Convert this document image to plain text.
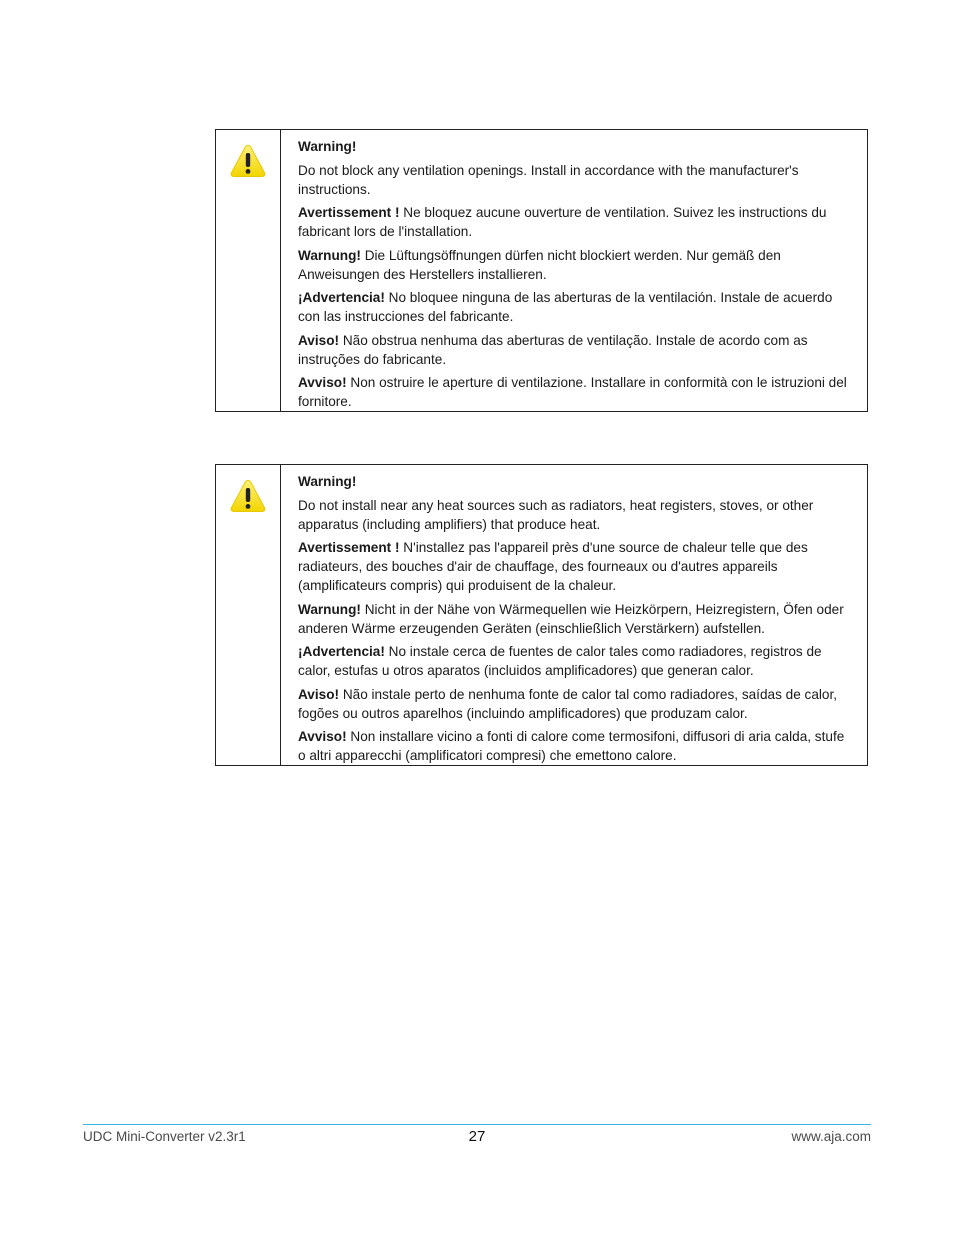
Warning!

Do not block any ventilation openings. Install in accordance with the manufacturer's instructions.

Avertissement ! Ne bloquez aucune ouverture de ventilation. Suivez les instructions du fabricant lors de l'installation.

Warnung! Die Lüftungsöffnungen dürfen nicht blockiert werden. Nur gemäß den Anweisungen des Herstellers installieren.

¡Advertencia! No bloquee ninguna de las aberturas de la ventilación. Instale de acuerdo con las instrucciones del fabricante.

Aviso! Não obstrua nenhuma das aberturas de ventilação. Instale de acordo com as instruções do fabricante.

Avviso! Non ostruire le aperture di ventilazione. Installare in conformità con le istruzioni del fornitore.

Warning!

Do not install near any heat sources such as radiators, heat registers, stoves, or other apparatus (including amplifiers) that produce heat.

Avertissement ! N'installez pas l'appareil près d'une source de chaleur telle que des radiateurs, des bouches d'air de chauffage, des fourneaux ou d'autres appareils (amplificateurs compris) qui produisent de la chaleur.

Warnung! Nicht in der Nähe von Wärmequellen wie Heizkörpern, Heizregistern, Öfen oder anderen Wärme erzeugenden Geräten (einschließlich Verstärkern) aufstellen.

¡Advertencia! No instale cerca de fuentes de calor tales como radiadores, registros de calor, estufas u otros aparatos (incluidos amplificadores) que generan calor.

Aviso! Não instale perto de nenhuma fonte de calor tal como radiadores, saídas de calor, fogões ou outros aparelhos (incluindo amplificadores) que produzam calor.

Avviso! Non installare vicino a fonti di calore come termosifoni, diffusori di aria calda, stufe o altri apparecchi (amplificatori compresi) che emettono calore.

UDC Mini-Converter v2.3r1	27	www.aja.com
